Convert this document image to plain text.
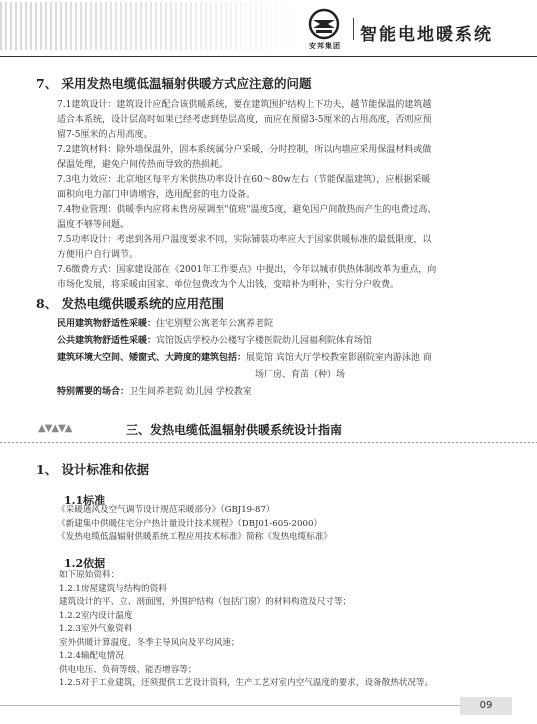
安邦集团
智能电地暖系统
7、 采用发热电缆低温辐射供暖方式应注意的问题

7.1建筑设计：建筑设计应配合该供暖系统，要在建筑围护结构上下功夫，越节能保温的建筑越

适合本系统，设计层高时如果已经考虑到垫层高度，而应在预留3-5厘米的占用高度，否则应预

留7-5厘米的占用高度。

7.2建筑材料：除外墙保温外，固本系统属分户采暖，分时控制，所以内墙应采用保温材料或做

保温处理，避免户间传热而导致的热损耗。

7.3电力效应：北京地区每平方米供热功率设计在60～80w左右（节能保温建筑），应根据采暖

面积向电力部门申请增容，选用配套的电力设备。

7.4物业管理：供暖季内应将未售房屋调至"值班"温度5度，避免因户间散热而产生的电费过高、

温度不够等问题。

7.5功率设计：考虑到各用户温度要求不同，实际铺装功率应大于国家供暖标准的最低限度，以

方便用户自行调节。

7.6缴费方式：国家建设部在《2001年工作要点》中提出，今年以城市供热体制改革为重点，向

市场化发展，将采暖由国家、单位包费改为个人出钱，变暗补为明补，实行分户收费。

8、 发热电缆供暖系统的应用范围
民用建筑物舒适性采暖：住宅别墅公寓老年公寓养老院
公共建筑物舒适性采暖：宾馆饭店学校办公楼写字楼医院幼儿园福利院体育场馆
建筑环境大空间、矮窗式、大跨度的建筑包括：展览馆 宾馆大厅学校教室影剧院室内游泳池 商
场厂房、育苗（种）场
特别需要的场合：卫生间养老院 幼儿园 学校教室
▲▼▲▼▲	三、发热电缆低温辐射供暖系统设计指南
1、 设计标准和依据
1.1标准
《采暖通风及空气调节设计规范采暖部分》（GBJ19-87）
《新建集中供暖住宅分户热计量设计技术规程》（DBJ01-605-2000）
《发热电缆低温辐射供暖系统工程应用技术标准》简称《发热电缆标准》
1.2依据
如下原始资料：
1.2.1房屋建筑与结构的资料
建筑设计的平、立、剖面图，外围护结构（包括门窗）的材料构造及尺寸等；
1.2.2室内设计温度
1.2.3室外气象资料
室外供暖计算温度，冬季主导风向及平均风速；
1.2.4输配电情况
供电电压、负荷等级、能否增容等；
1.2.5对于工业建筑，还须提供工艺设计资料，生产工艺对室内空气温度的要求，设备散热状况等。
09
